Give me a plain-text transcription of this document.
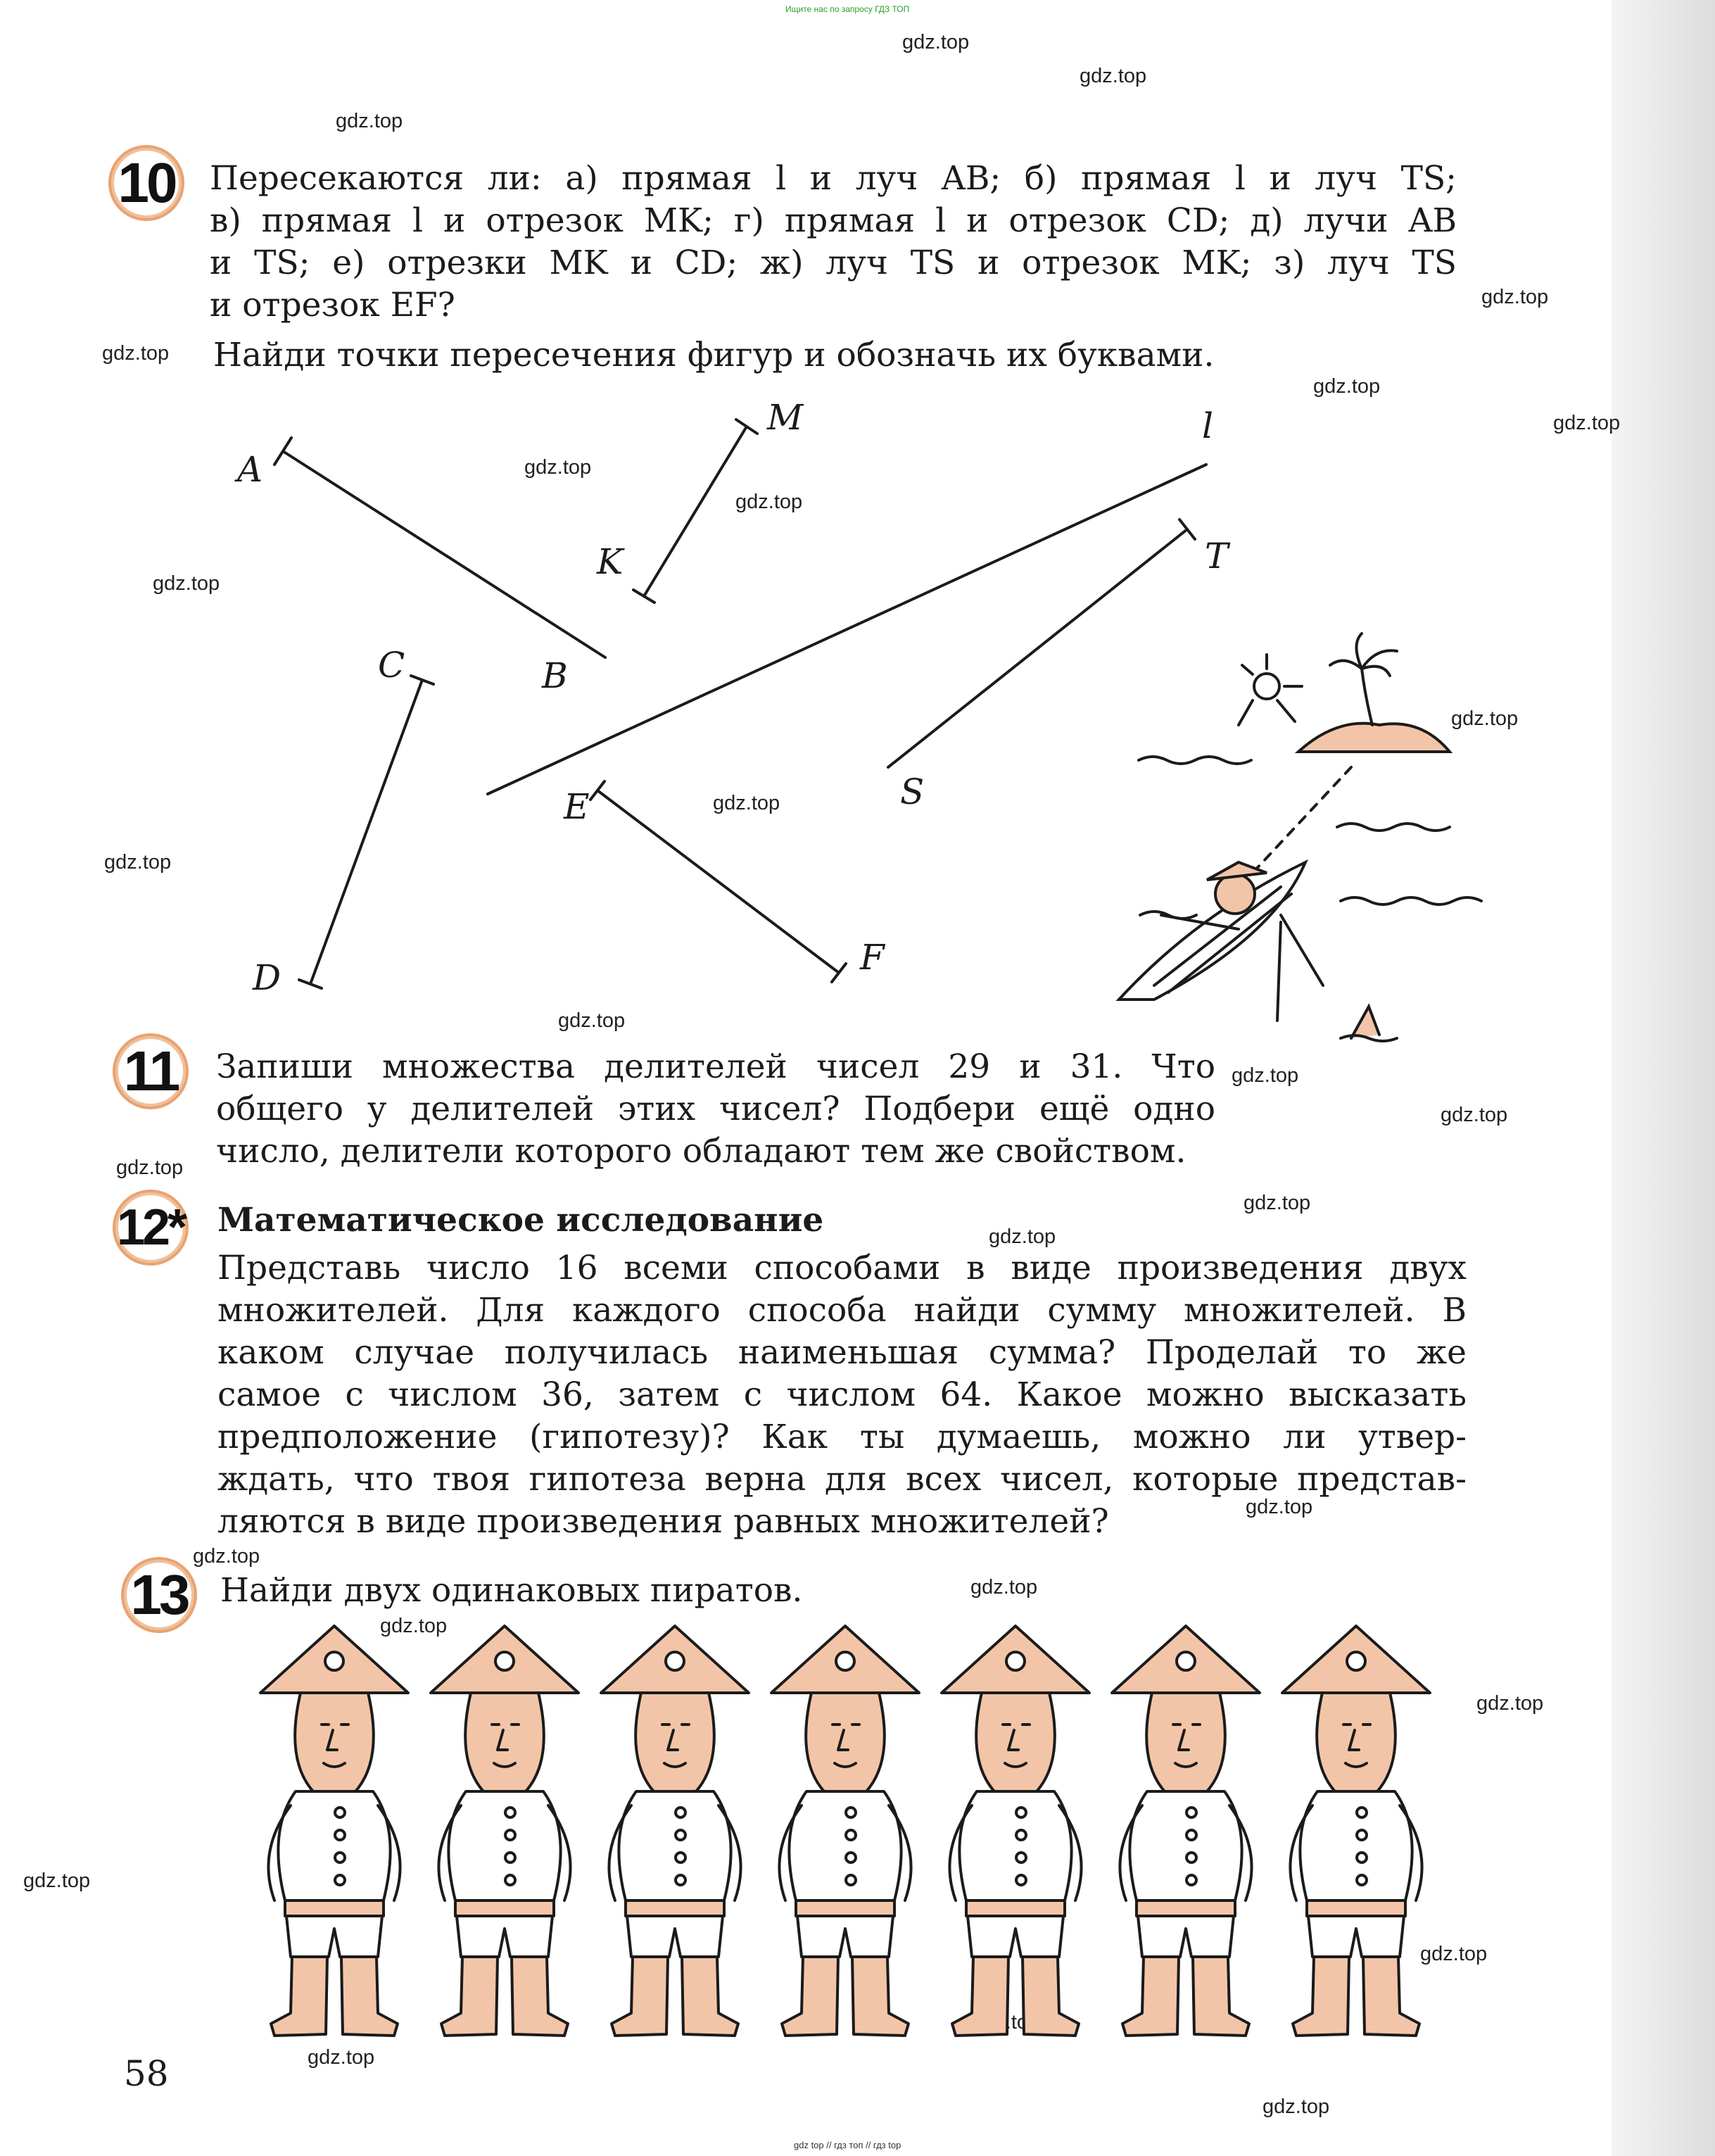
Ищите нас по запросу ГДЗ ТОП
gdz.top
gdz.top
gdz.top
gdz.top
gdz.top
gdz.top
gdz.top
gdz.top
gdz.top
gdz.top
gdz.top
gdz.top
gdz.top
gdz.top
gdz.top
gdz.top
gdz.top
gdz.top
gdz.top
gdz.top
gdz.top
gdz.top
gdz.top
gdz.top
gdz.top
gdz.top
gdz.top
gdz.top
gdz top // гдз топ // гдз top
10 Пересекаются ли: а) прямая l и луч AB; б) прямая l и луч TS;
в) прямая l и отрезок MK; г) прямая l и отрезок CD; д) лучи AB
и TS; е) отрезки MK и CD; ж) луч TS и отрезок MK; з) луч TS
и отрезок EF?
Найди точки пересечения фигур и обозначь их буквами.
A
B
M
K
l
T
S
C
D
E
F
11 Запиши множества делителей чисел 29 и 31. Что
общего у делителей этих чисел? Подбери ещё одно
число, делители которого обладают тем же свойством.
12* Математическое исследование
Представь число 16 всеми способами в виде произведения двух
множителей. Для каждого способа найди сумму множителей. В
каком случае получилась наименьшая сумма? Проделай то же
самое с числом 36, затем с числом 64. Какое можно высказать
предположение (гипотезу)? Как ты думаешь, можно ли утвер-
ждать, что твоя гипотеза верна для всех чисел, которые представ-
ляются в виде произведения равных множителей?
13 Найди двух одинаковых пиратов.
58
